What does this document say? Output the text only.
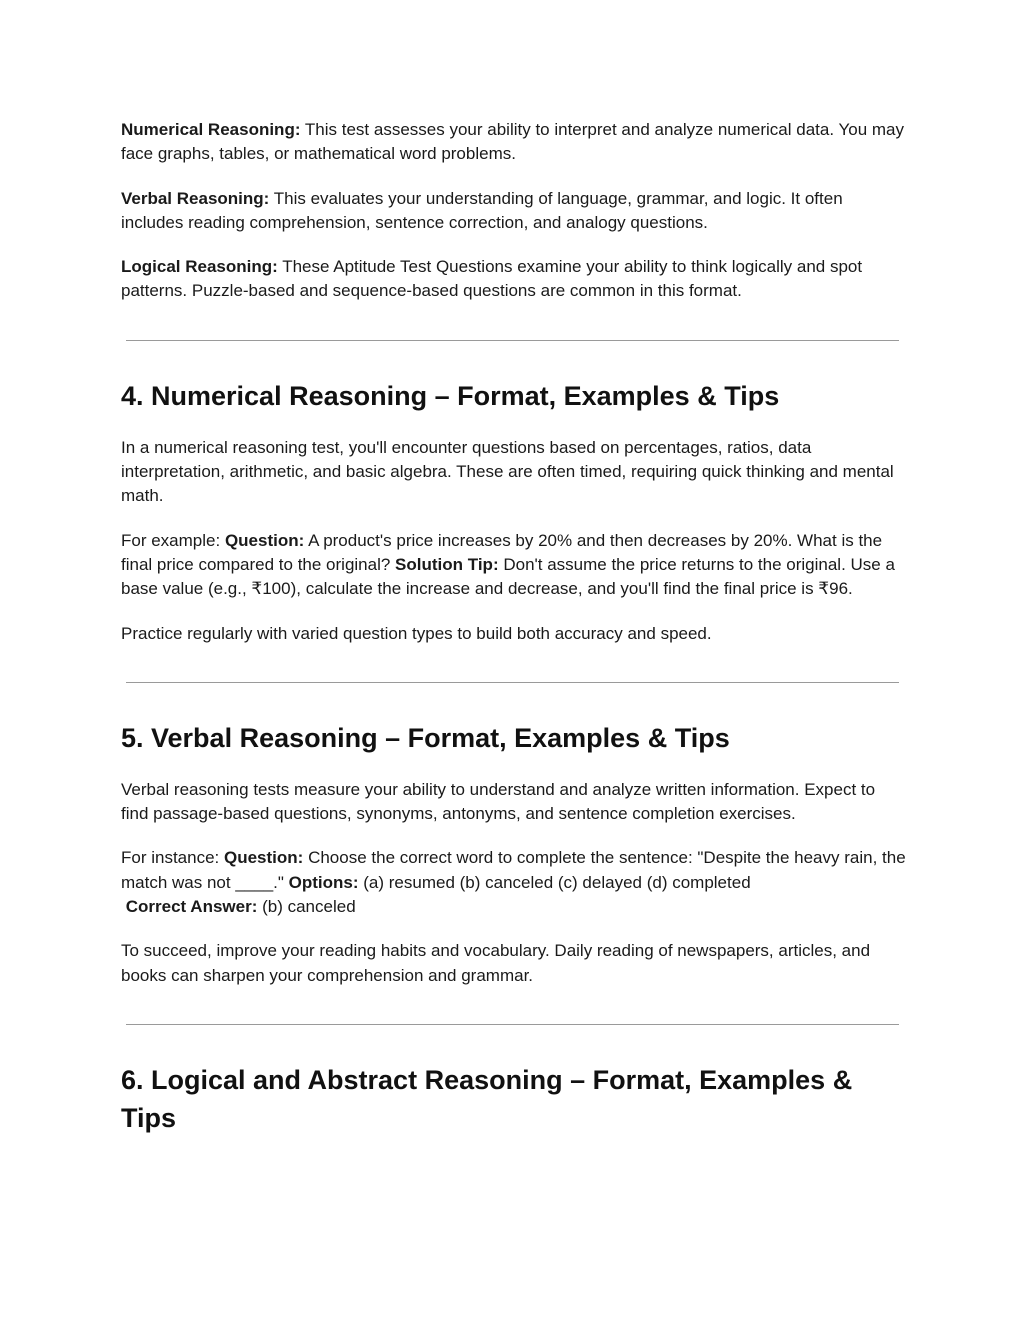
Numerical Reasoning: This test assesses your ability to interpret and analyze numerical data. You may face graphs, tables, or mathematical word problems.

Verbal Reasoning: This evaluates your understanding of language, grammar, and logic. It often includes reading comprehension, sentence correction, and analogy questions.

Logical Reasoning: These Aptitude Test Questions examine your ability to think logically and spot patterns. Puzzle-based and sequence-based questions are common in this format.

4. Numerical Reasoning – Format, Examples & Tips

In a numerical reasoning test, you'll encounter questions based on percentages, ratios, data interpretation, arithmetic, and basic algebra. These are often timed, requiring quick thinking and mental math.

For example: Question: A product's price increases by 20% and then decreases by 20%. What is the final price compared to the original? Solution Tip: Don't assume the price returns to the original. Use a base value (e.g., ₹100), calculate the increase and decrease, and you'll find the final price is ₹96.

Practice regularly with varied question types to build both accuracy and speed.

5. Verbal Reasoning – Format, Examples & Tips

Verbal reasoning tests measure your ability to understand and analyze written information. Expect to find passage-based questions, synonyms, antonyms, and sentence completion exercises.

For instance: Question: Choose the correct word to complete the sentence: "Despite the heavy rain, the match was not ____." Options: (a) resumed (b) canceled (c) delayed (d) completed
Correct Answer: (b) canceled

To succeed, improve your reading habits and vocabulary. Daily reading of newspapers, articles, and books can sharpen your comprehension and grammar.

6. Logical and Abstract Reasoning – Format, Examples & Tips
